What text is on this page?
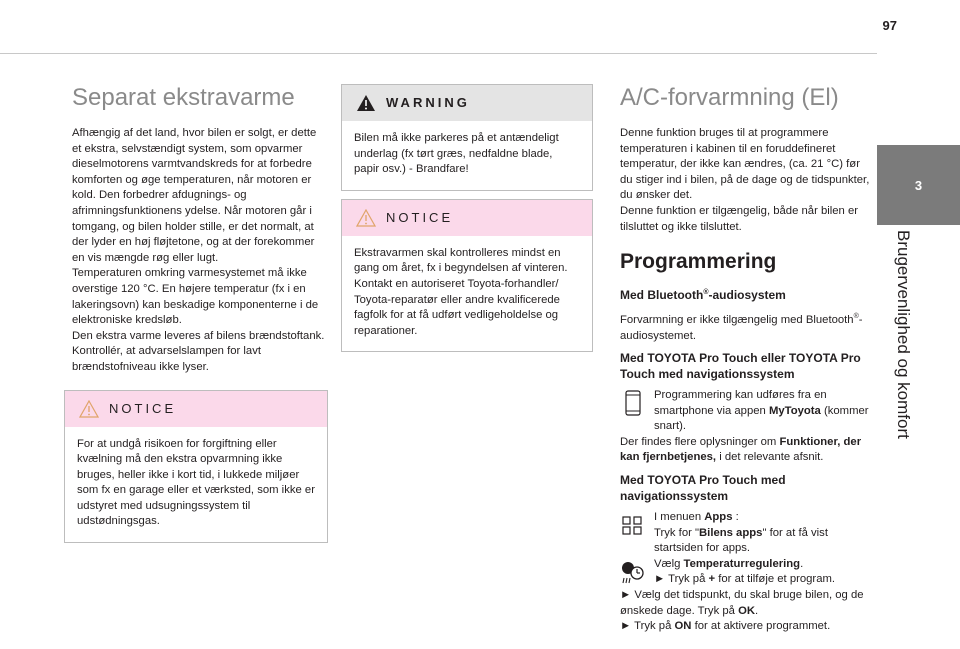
97
3
Brugervenlighed og komfort
Separat ekstravarme

Afhængig af det land, hvor bilen er solgt, er dette et ekstra, selvstændigt system, som opvarmer dieselmotorens varmtvandskreds for at forbedre komforten og øge temperaturen, når motoren er kold. Den forbedrer afdugnings- og afrimningsfunktionens ydelse. Når motoren går i tomgang, og bilen holder stille, er det normalt, at der lyder en høj fløjtetone, og at der forekommer en vis mængde røg eller lugt.

Temperaturen omkring varmesystemet må ikke overstige 120 °C. En højere temperatur (fx i en lakeringsovn) kan beskadige komponenterne i de elektroniske kredsløb.

Den ekstra varme leveres af bilens brændstoftank. Kontrollér, at advarselslampen for lavt brændstofniveau ikke lyser.

NOTICE
For at undgå risikoen for forgiftning eller kvælning må den ekstra opvarmning ikke bruges, heller ikke i kort tid, i lukkede miljøer som fx en garage eller et værksted, som ikke er udstyret med udsugningssystem til udstødningsgas.
WARNING
Bilen må ikke parkeres på et antændeligt underlag (fx tørt græs, nedfaldne blade, papir osv.) - Brandfare!
NOTICE
Ekstravarmen skal kontrolleres mindst en gang om året, fx i begyndelsen af vinteren. Kontakt en autoriseret Toyota-forhandler/ Toyota-reparatør eller andre kvalificerede fagfolk for at få udført vedligeholdelse og reparationer.
A/C-forvarmning (El)

Denne funktion bruges til at programmere temperaturen i kabinen til en foruddefineret temperatur, der ikke kan ændres, (ca. 21 °C) før du stiger ind i bilen, på de dage og de tidspunkter, du ønsker det.

Denne funktion er tilgængelig, både når bilen er tilsluttet og ikke tilsluttet.

Programmering
Med Bluetooth®-audiosystem

Forvarmning er ikke tilgængelig med Bluetooth®-audiosystemet.

Med TOYOTA Pro Touch eller TOYOTA Pro Touch med navigationssystem
Programmering kan udføres fra en smartphone via appen MyToyota (kommer snart).

Der findes flere oplysninger om Funktioner, der kan fjernbetjenes, i det relevante afsnit.

Med TOYOTA Pro Touch med navigationssystem
I menuen Apps :
Tryk for "Bilens apps" for at få vist startsiden for apps.
Vælg Temperaturregulering.
► Tryk på + for at tilføje et program.

► Vælg det tidspunkt, du skal bruge bilen, og de ønskede dage. Tryk på OK.

► Tryk på ON for at aktivere programmet.
